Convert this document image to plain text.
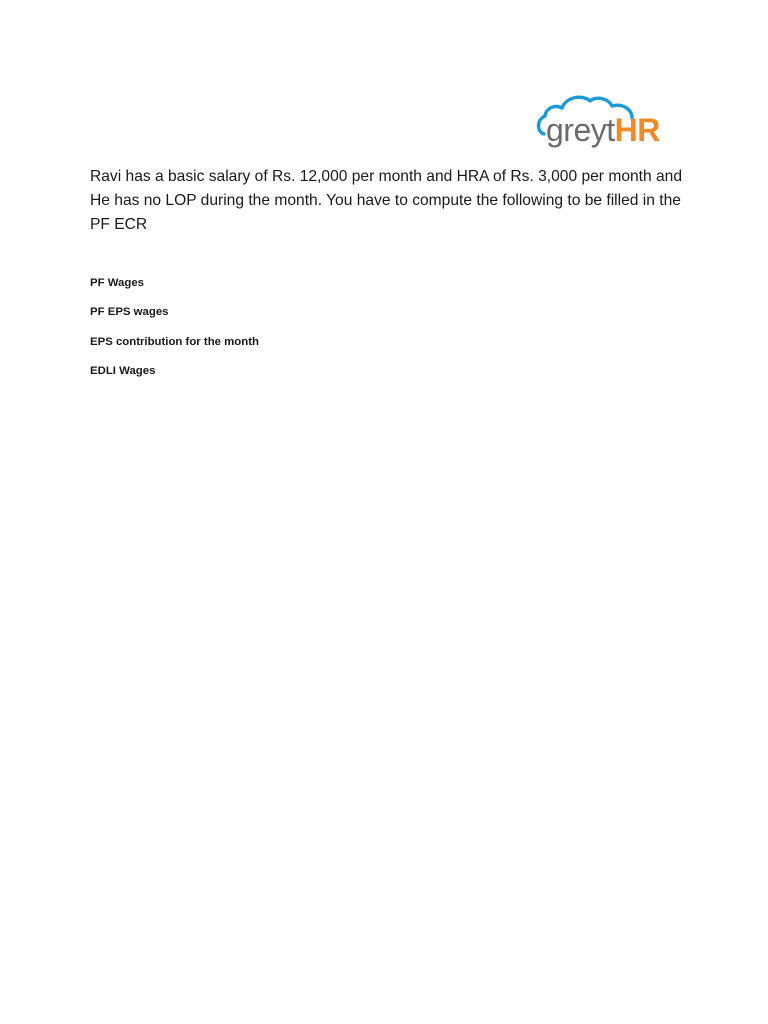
greytHR

Ravi has a basic salary of Rs. 12,000 per month and HRA of Rs. 3,000 per month and He has no LOP during the month. You have to compute the following to be filled in the PF ECR

PF Wages
PF EPS wages
EPS contribution for the month
EDLI Wages
